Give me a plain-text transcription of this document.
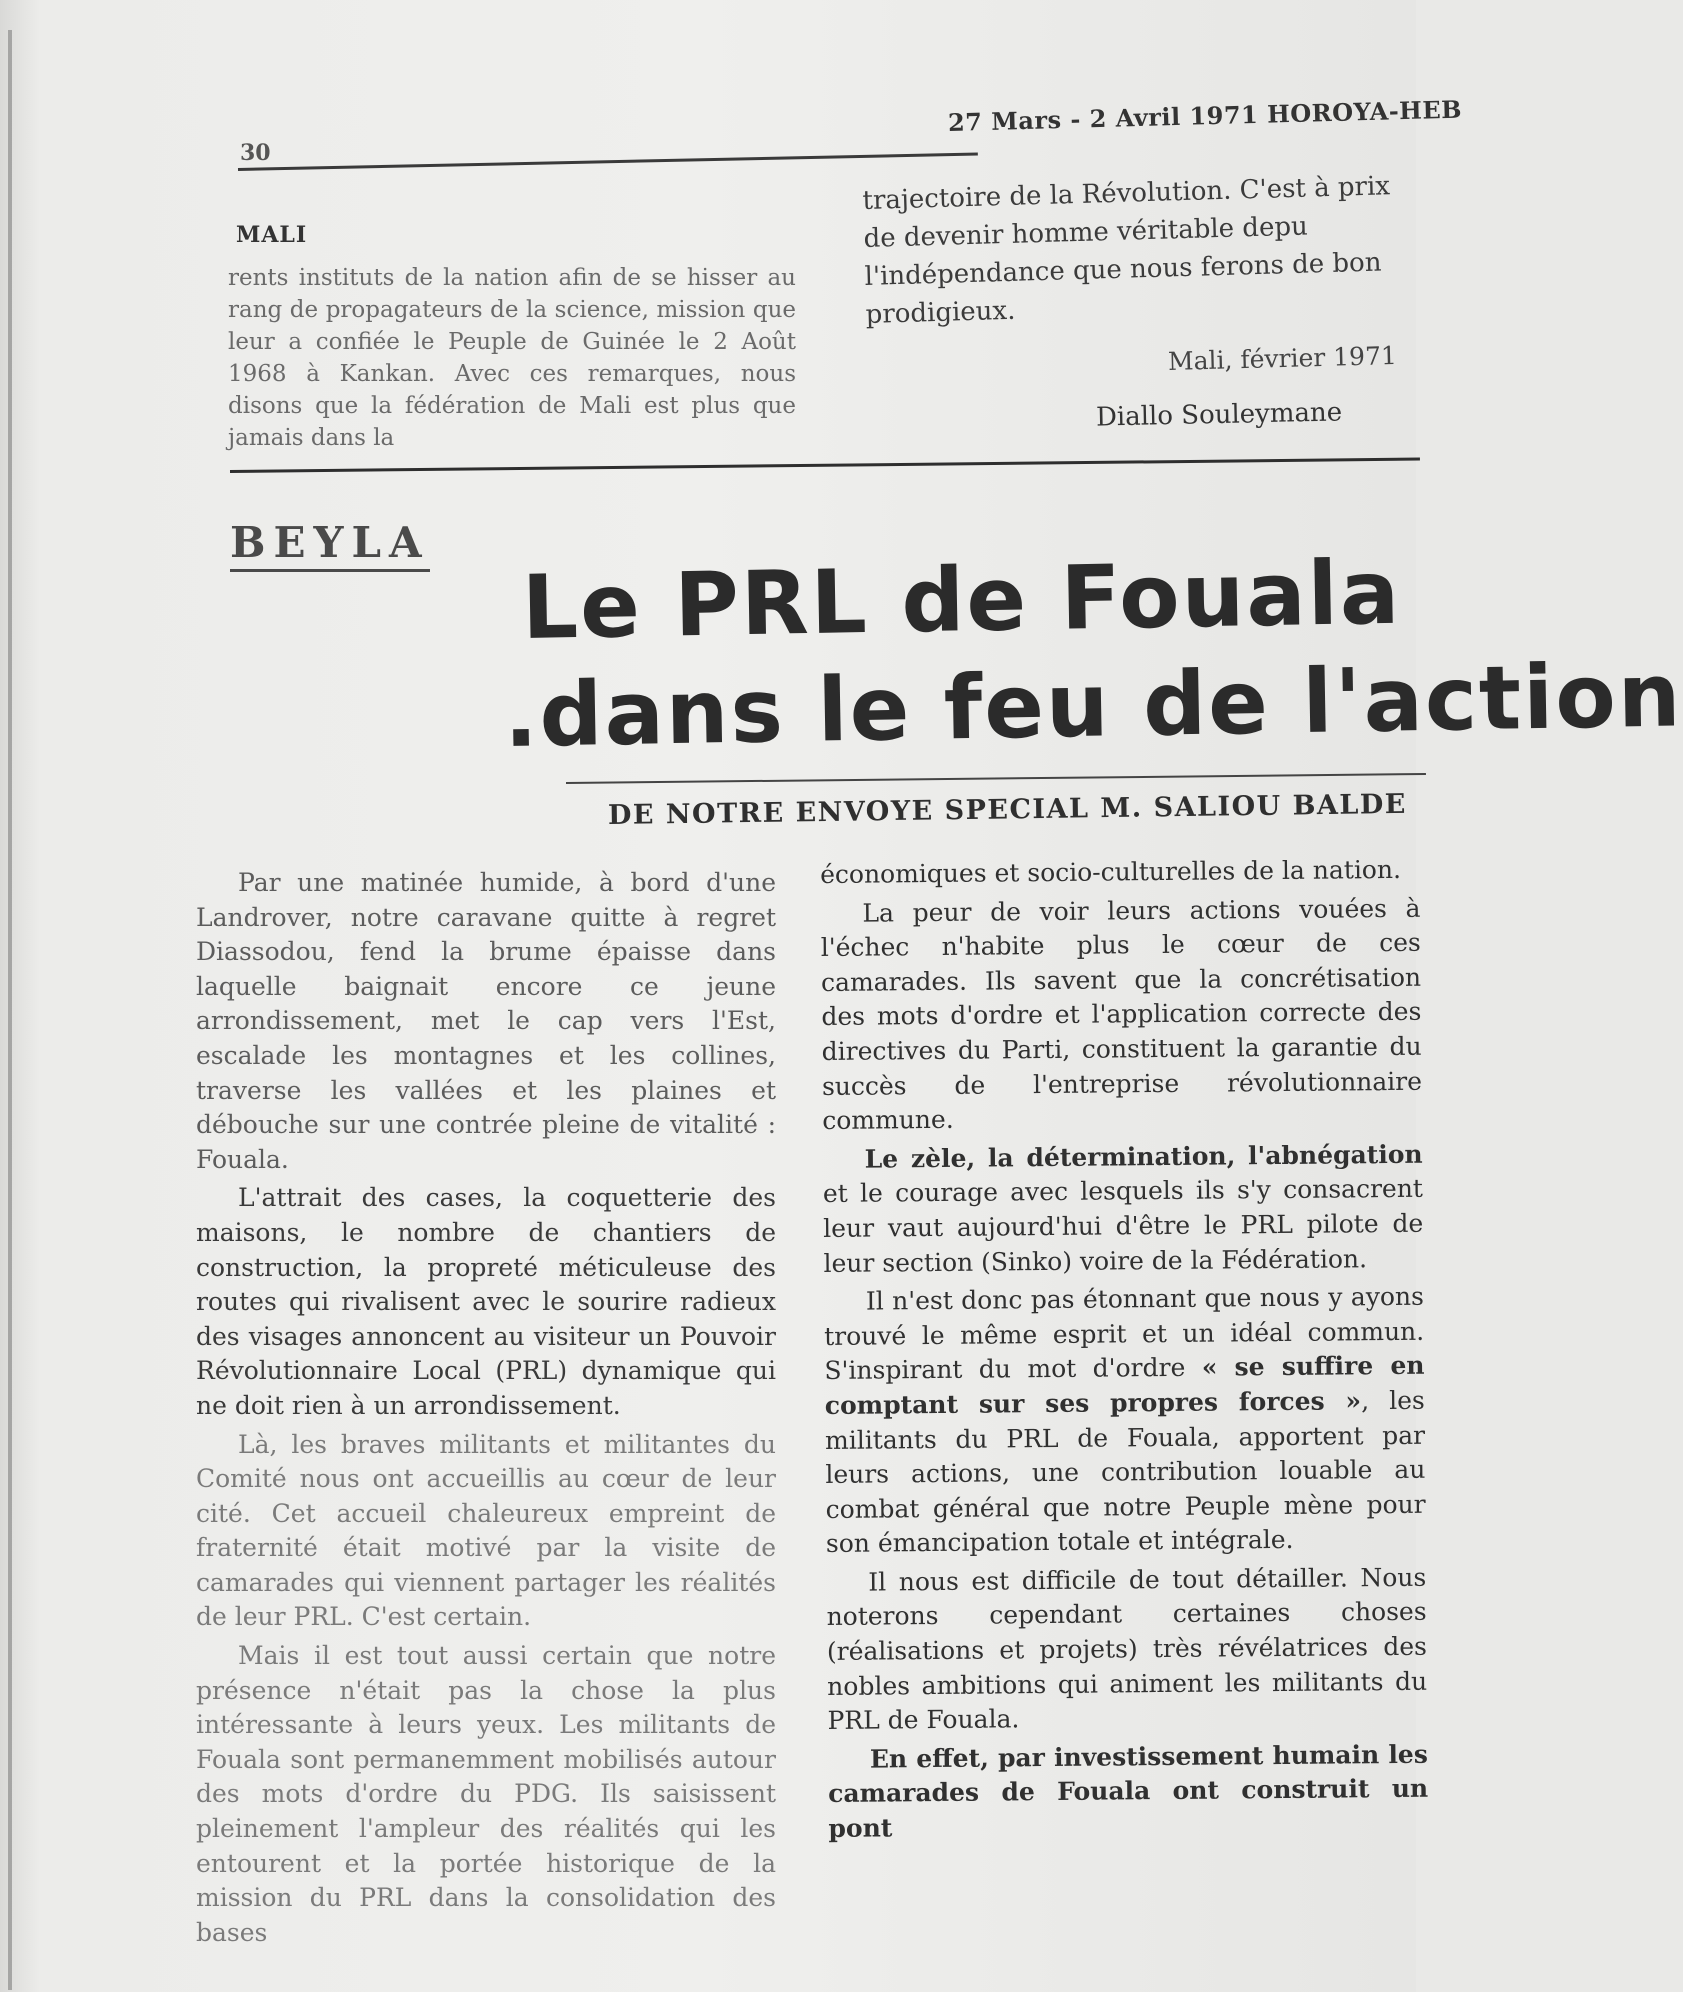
30
27 Mars - 2 Avril 1971 HOROYA-HEB
MALI
rents instituts de la nation afin de se hisser au rang de propagateurs de la science, mission que leur a confiée le Peuple de Guinée le 2 Août 1968 à Kankan. Avec ces remarques, nous disons que la fédération de Mali est plus que jamais dans la
trajectoire de la Révolution. C'est à prix de devenir homme véritable depu l'indépendance que nous ferons de bon prodigieux.
Mali, février 1971
Diallo Souleymane
BEYLA Le PRL de Fouala
.dans le feu de l'action
DE NOTRE ENVOYE SPECIAL M. SALIOU BALDE

Par une matinée humide, à bord d'une Landrover, notre caravane quitte à regret Diassodou, fend la brume épaisse dans laquelle baignait encore ce jeune arrondissement, met le cap vers l'Est, escalade les montagnes et les collines, traverse les vallées et les plaines et débouche sur une contrée pleine de vitalité : Fouala.

L'attrait des cases, la coquetterie des maisons, le nombre de chantiers de construction, la propreté méticuleuse des routes qui rivalisent avec le sourire radieux des visages annoncent au visiteur un Pouvoir Révolutionnaire Local (PRL) dynamique qui ne doit rien à un arrondissement.

Là, les braves militants et militantes du Comité nous ont accueillis au cœur de leur cité. Cet accueil chaleureux empreint de fraternité était motivé par la visite de camarades qui viennent partager les réalités de leur PRL. C'est certain.

Mais il est tout aussi certain que notre présence n'était pas la chose la plus intéressante à leurs yeux. Les militants de Fouala sont permanemment mobilisés autour des mots d'ordre du PDG. Ils saisissent pleinement l'ampleur des réalités qui les entourent et la portée historique de la mission du PRL dans la consolidation des bases

économiques et socio-culturelles de la nation.

La peur de voir leurs actions vouées à l'échec n'habite plus le cœur de ces camarades. Ils savent que la concrétisation des mots d'ordre et l'application correcte des directives du Parti, constituent la garantie du succès de l'entreprise révolutionnaire commune.

Le zèle, la détermination, l'abnégation et le courage avec lesquels ils s'y consacrent leur vaut aujourd'hui d'être le PRL pilote de leur section (Sinko) voire de la Fédération.

Il n'est donc pas étonnant que nous y ayons trouvé le même esprit et un idéal commun. S'inspirant du mot d'ordre « se suffire en comptant sur ses propres forces », les militants du PRL de Fouala, apportent par leurs actions, une contribution louable au combat général que notre Peuple mène pour son émancipation totale et intégrale.

Il nous est difficile de tout détailler. Nous noterons cependant certaines choses (réalisations et projets) très révélatrices des nobles ambitions qui animent les militants du PRL de Fouala.

En effet, par investissement humain les camarades de Fouala ont construit un pont
